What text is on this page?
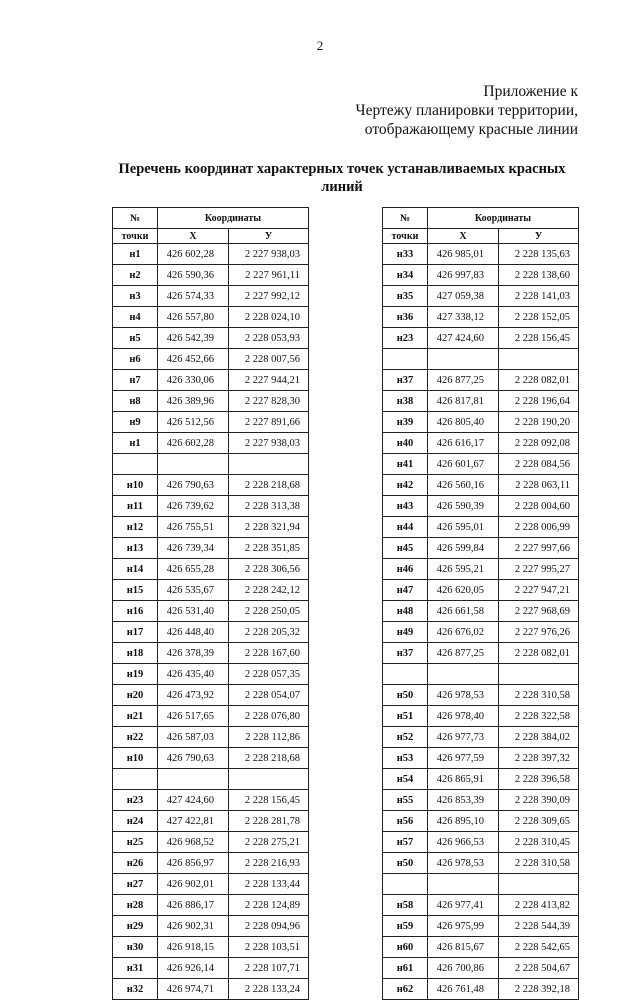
2
Приложение к
Чертежу планировки территории,
отображающему красные линии
Перечень координат характерных точек устанавливаемых красных линий
№	Координаты	
точки	Х	У
н1	426 602,28	2 227 938,03
н2	426 590,36	2 227 961,11
н3	426 574,33	2 227 992,12
н4	426 557,80	2 228 024,10
н5	426 542,39	2 228 053,93
н6	426 452,66	2 228 007,56
н7	426 330,06	2 227 944,21
н8	426 389,96	2 227 828,30
н9	426 512,56	2 227 891,66
н1	426 602,28	2 227 938,03

н10	426 790,63	2 228 218,68
н11	426 739,62	2 228 313,38
н12	426 755,51	2 228 321,94
н13	426 739,34	2 228 351,85
н14	426 655,28	2 228 306,56
н15	426 535,67	2 228 242,12
н16	426 531,40	2 228 250,05
н17	426 448,40	2 228 205,32
н18	426 378,39	2 228 167,60
н19	426 435,40	2 228 057,35
н20	426 473,92	2 228 054,07
н21	426 517,65	2 228 076,80
н22	426 587,03	2 228 112,86
н10	426 790,63	2 228 218,68

н23	427 424,60	2 228 156,45
н24	427 422,81	2 228 281,78
н25	426 968,52	2 228 275,21
н26	426 856,97	2 228 216,93
н27	426 902,01	2 228 133,44
н28	426 886,17	2 228 124,89
н29	426 902,31	2 228 094,96
н30	426 918,15	2 228 103,51
н31	426 926,14	2 228 107,71
н32	426 974,71	2 228 133,24
№	Координаты	
точки	Х	У
н33	426 985,01	2 228 135,63
н34	426 997,83	2 228 138,60
н35	427 059,38	2 228 141,03
н36	427 338,12	2 228 152,05
н23	427 424,60	2 228 156,45

н37	426 877,25	2 228 082,01
н38	426 817,81	2 228 196,64
н39	426 805,40	2 228 190,20
н40	426 616,17	2 228 092,08
н41	426 601,67	2 228 084,56
н42	426 560,16	2 228 063,11
н43	426 590,39	2 228 004,60
н44	426 595,01	2 228 006,99
н45	426 599,84	2 227 997,66
н46	426 595,21	2 227 995,27
н47	426 620,05	2 227 947,21
н48	426 661,58	2 227 968,69
н49	426 676,02	2 227 976,26
н37	426 877,25	2 228 082,01

н50	426 978,53	2 228 310,58
н51	426 978,40	2 228 322,58
н52	426 977,73	2 228 384,02
н53	426 977,59	2 228 397,32
н54	426 865,91	2 228 396,58
н55	426 853,39	2 228 390,09
н56	426 895,10	2 228 309,65
н57	426 966,53	2 228 310,45
н50	426 978,53	2 228 310,58

н58	426 977,41	2 228 413,82
н59	426 975,99	2 228 544,39
н60	426 815,67	2 228 542,65
н61	426 700,86	2 228 504,67
н62	426 761,48	2 228 392,18
